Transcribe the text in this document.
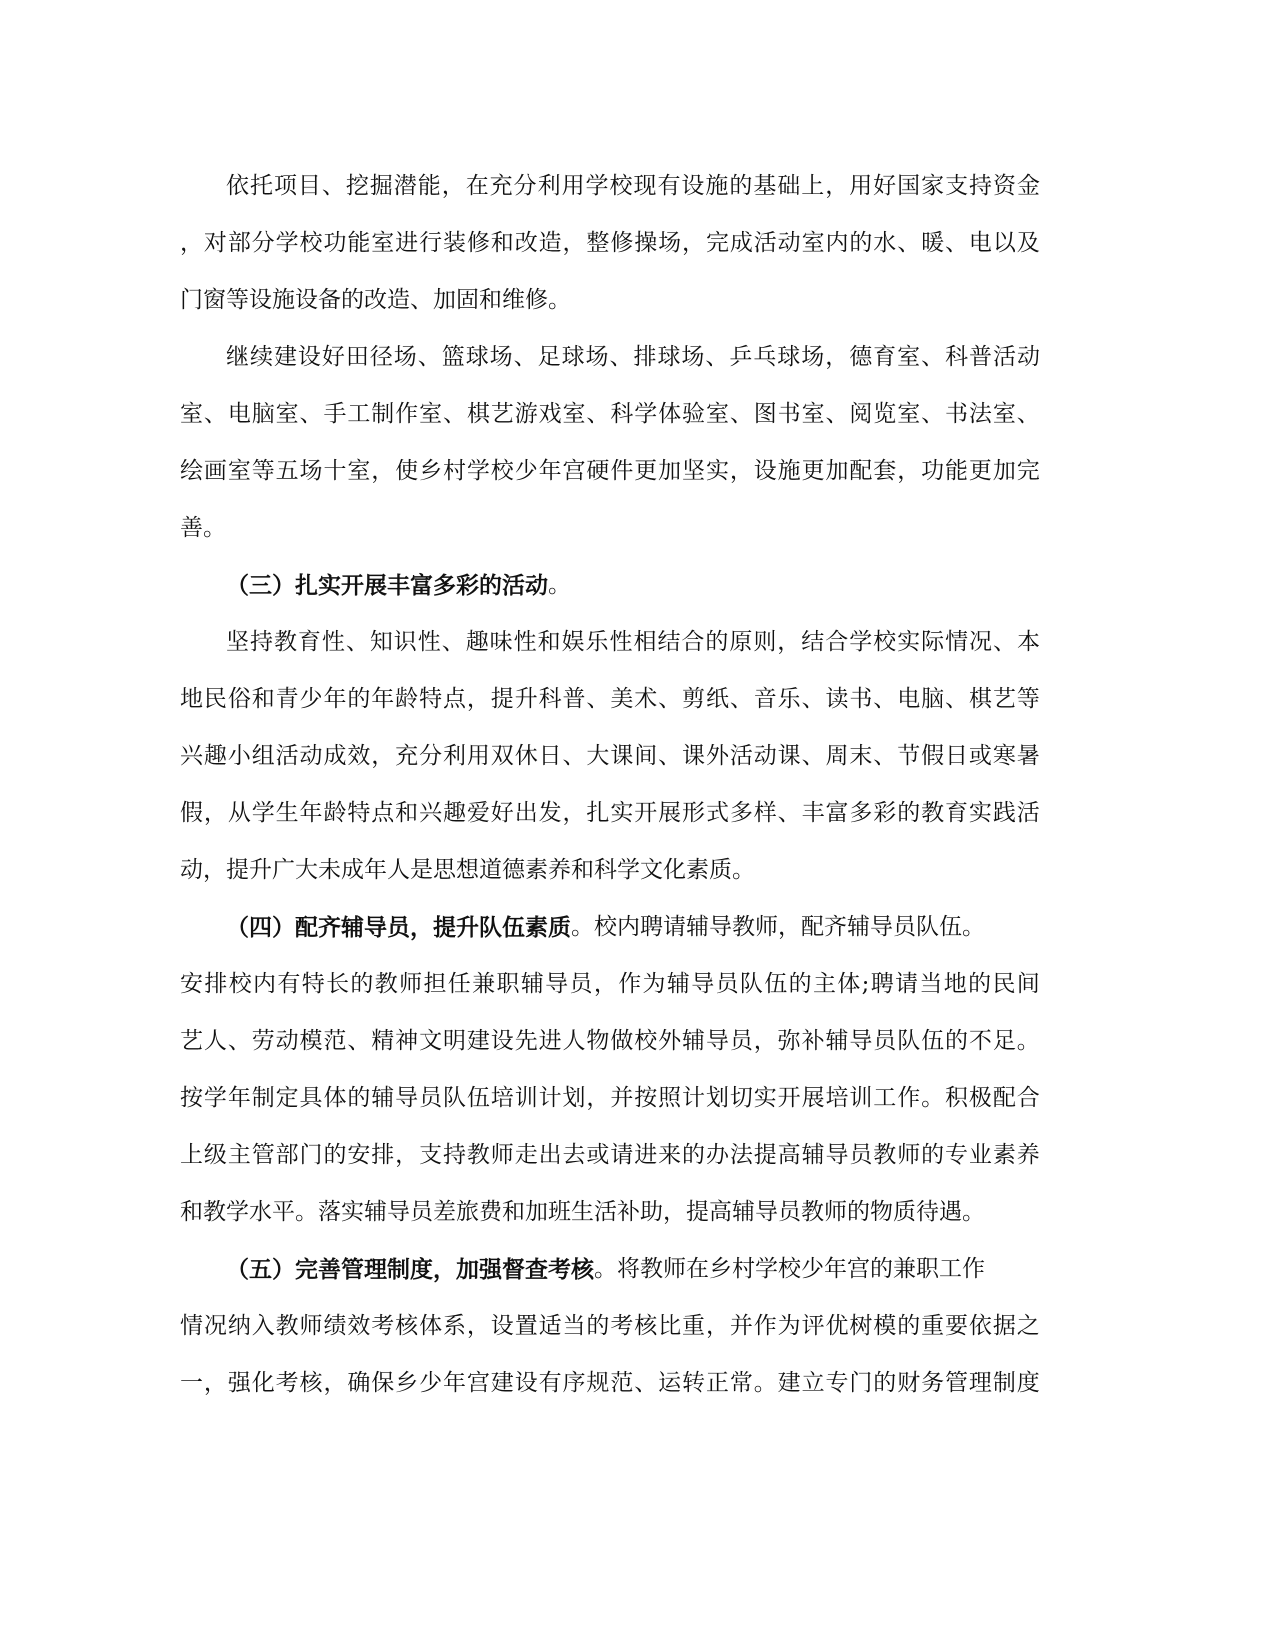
依 托 项 目 、 挖 掘 潜 能 ， 在 充 分 利 用 学 校 现 有 设 施 的 基 础 上 ， 用 好 国 家 支 持 资 金
， 对 部 分 学 校 功 能 室 进 行 装 修 和 改 造 ， 整 修 操 场 ， 完 成 活 动 室 内 的 水 、 暖 、 电 以 及
门窗等设施设备的改造、加固和维修。
继 续 建 设 好 田 径 场 、 篮 球 场 、 足 球 场 、 排 球 场 、 乒 乓 球 场 ， 德 育 室 、 科 普 活 动
室 、 电 脑 室 、 手 工 制 作 室 、 棋 艺 游 戏 室 、 科 学 体 验 室 、 图 书 室 、 阅 览 室 、 书 法 室 、
绘 画 室 等 五 场 十 室 ， 使 乡 村 学 校 少 年 宫 硬 件 更 加 坚 实 ， 设 施 更 加 配 套 ， 功 能 更 加 完
善。
（三）扎实开展丰富多彩的活动 。
坚 持 教 育 性 、 知 识 性 、 趣 味 性 和 娱 乐 性 相 结 合 的 原 则 ， 结 合 学 校 实 际 情 况 、 本
地 民 俗 和 青 少 年 的 年 龄 特 点 ， 提 升 科 普 、 美 术 、 剪 纸 、 音 乐 、 读 书 、 电 脑 、 棋 艺 等
兴 趣 小 组 活 动 成 效 ， 充 分 利 用 双 休 日 、 大 课 间 、 课 外 活 动 课 、 周 末 、 节 假 日 或 寒 暑
假 ， 从 学 生 年 龄 特 点 和 兴 趣 爱 好 出 发 ， 扎 实 开 展 形 式 多 样 、 丰 富 多 彩 的 教 育 实 践 活
动，提升广大未成年人是思想道德素养和科学文化素质。
（四）配齐辅导员，提升队伍素质 。校内聘请辅导教师，配齐辅导员队伍。
安 排 校 内 有 特 长 的 教 师 担 任 兼 职 辅 导 员 ， 作 为 辅 导 员 队 伍 的 主 体 ; 聘 请 当 地 的 民 间
艺 人 、 劳 动 模 范 、 精 神 文 明 建 设 先 进 人 物 做 校 外 辅 导 员 ， 弥 补 辅 导 员 队 伍 的 不 足 。
按 学 年 制 定 具 体 的 辅 导 员 队 伍 培 训 计 划 ， 并 按 照 计 划 切 实 开 展 培 训 工 作 。 积 极 配 合
上 级 主 管 部 门 的 安 排 ， 支 持 教 师 走 出 去 或 请 进 来 的 办 法 提 高 辅 导 员 教 师 的 专 业 素 养
和教学水平。落实辅导员差旅费和加班生活补助，提高辅导员教师的物质待遇。
（五）完善管理制度，加强督查考核 。将教师在乡村学校少年宫的兼职工作
情 况 纳 入 教 师 绩 效 考 核 体 系 ， 设 置 适 当 的 考 核 比 重 ， 并 作 为 评 优 树 模 的 重 要 依 据 之
一 ， 强 化 考 核 ， 确 保 乡 少 年 宫 建 设 有 序 规 范 、 运 转 正 常 。 建 立 专 门 的 财 务 管 理 制 度
